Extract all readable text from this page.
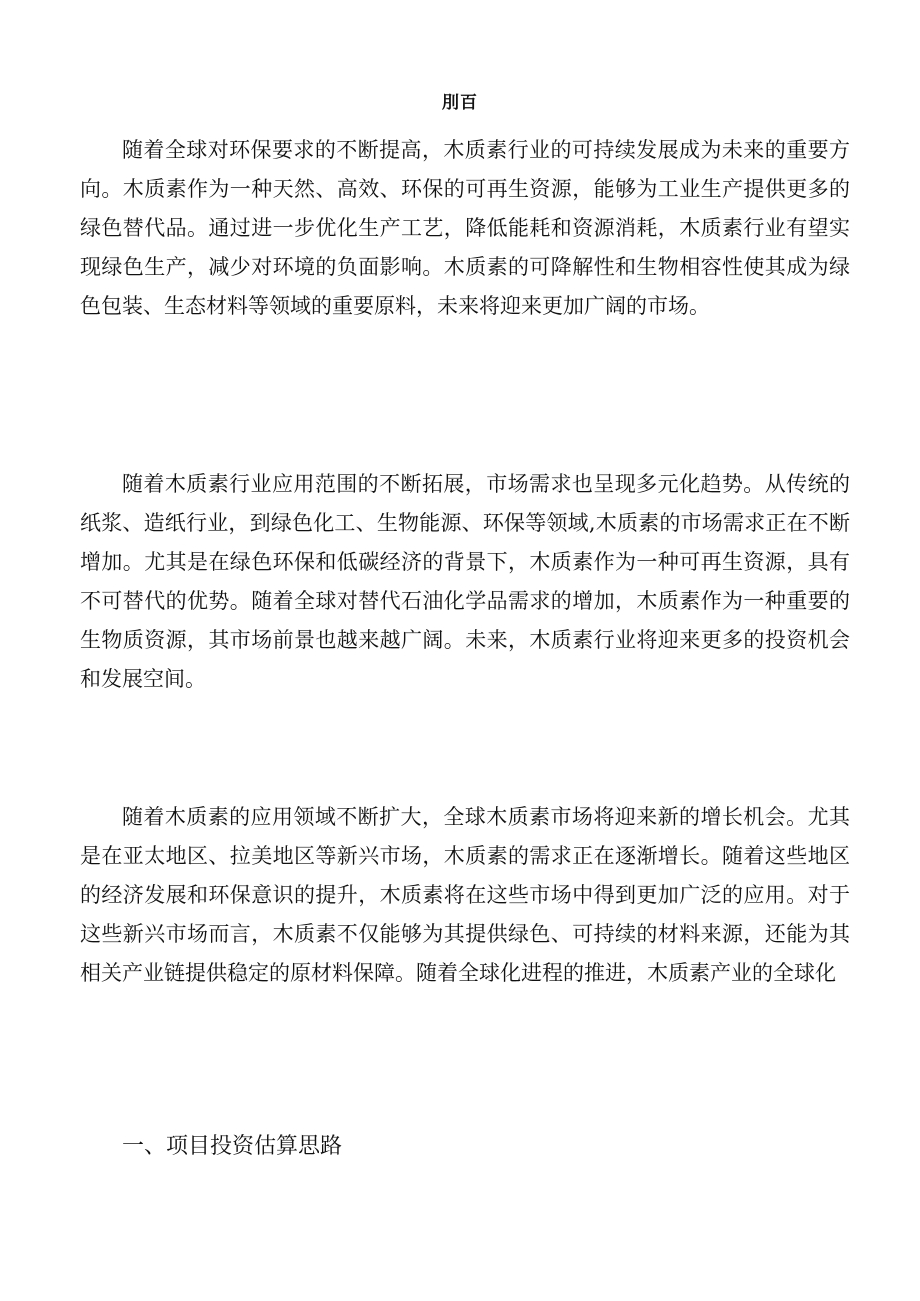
刖百

随着全球对环保要求的不断提高，木质素行业的可持续发展成为未来的重要方向。木质素作为一种天然、高效、环保的可再生资源，能够为工业生产提供更多的绿色替代品。通过进一步优化生产工艺，降低能耗和资源消耗，木质素行业有望实现绿色生产，减少对环境的负面影响。木质素的可降解性和生物相容性使其成为绿色包装、生态材料等领域的重要原料，未来将迎来更加广阔的市场。

随着木质素行业应用范围的不断拓展，市场需求也呈现多元化趋势。从传统的纸浆、造纸行业，到绿色化工、生物能源、环保等领域,木质素的市场需求正在不断增加。尤其是在绿色环保和低碳经济的背景下，木质素作为一种可再生资源，具有不可替代的优势。随着全球对替代石油化学品需求的增加，木质素作为一种重要的生物质资源，其市场前景也越来越广阔。未来，木质素行业将迎来更多的投资机会和发展空间。

随着木质素的应用领域不断扩大，全球木质素市场将迎来新的增长机会。尤其是在亚太地区、拉美地区等新兴市场，木质素的需求正在逐渐增长。随着这些地区的经济发展和环保意识的提升，木质素将在这些市场中得到更加广泛的应用。对于这些新兴市场而言，木质素不仅能够为其提供绿色、可持续的材料来源，还能为其相关产业链提供稳定的原材料保障。随着全球化进程的推进，木质素产业的全球化

一、项目投资估算思路
